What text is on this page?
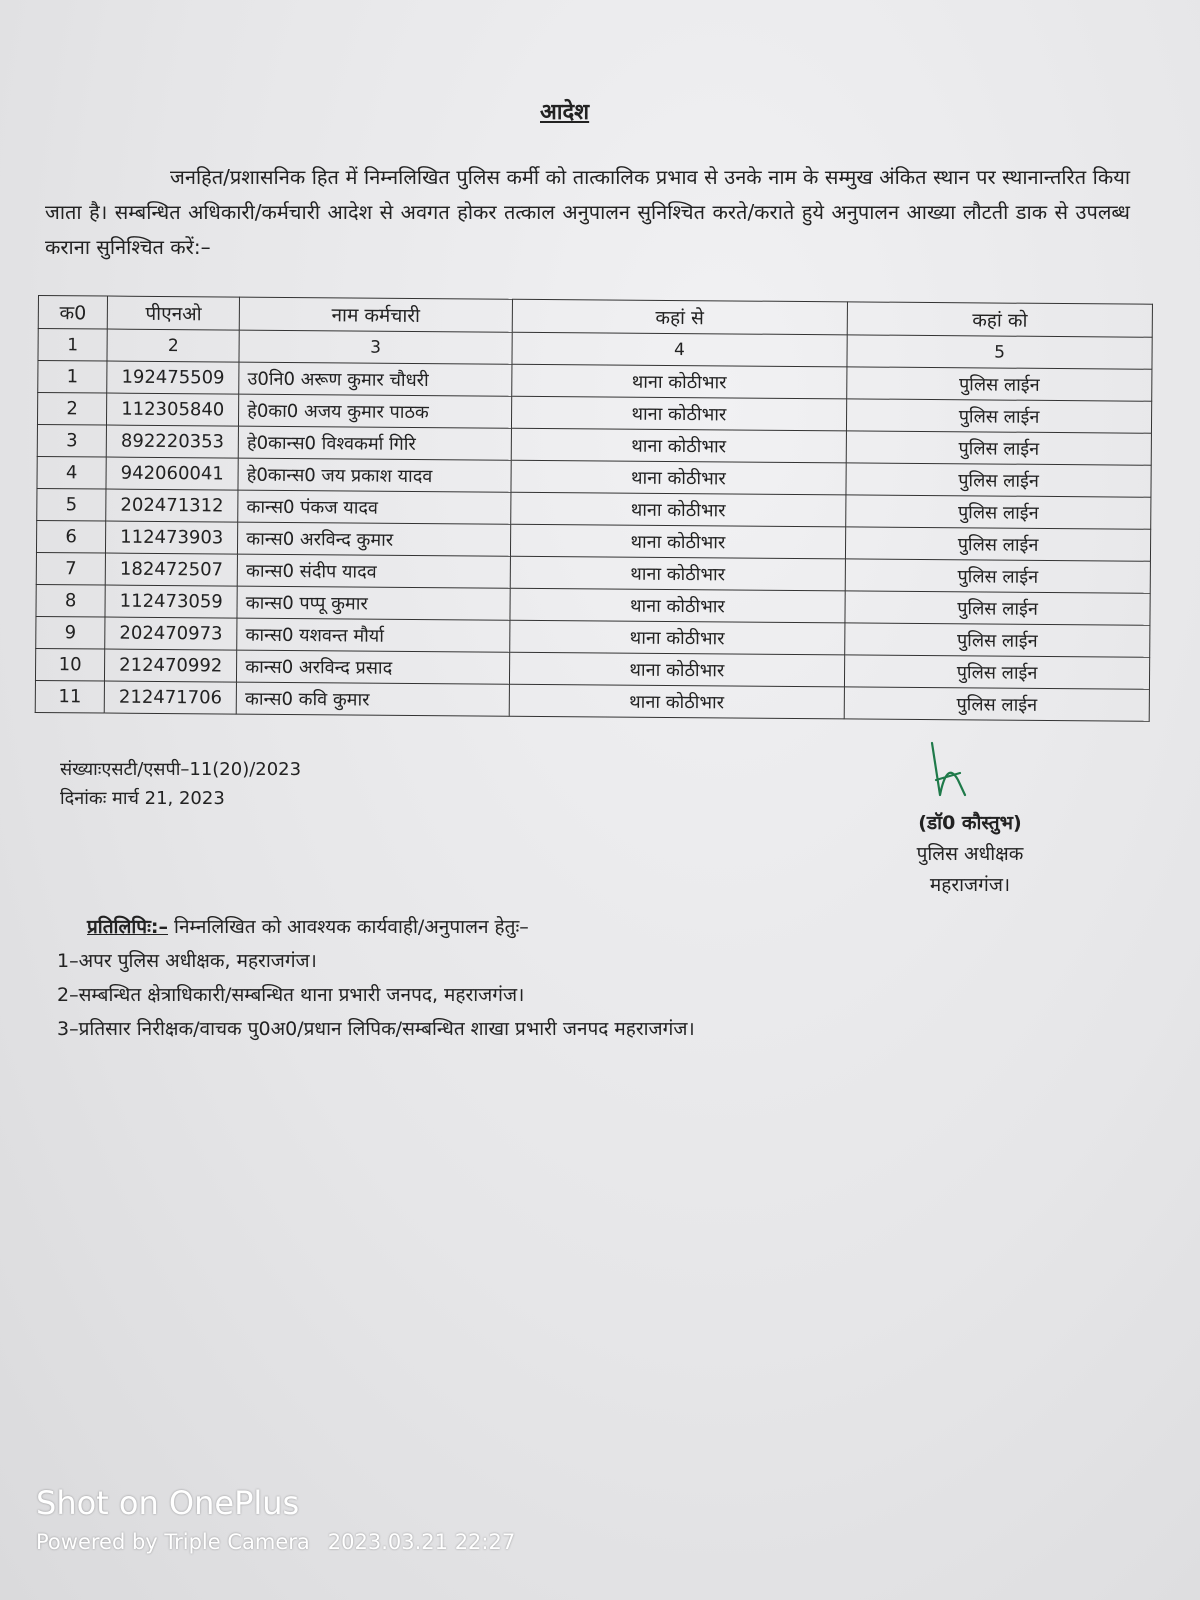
आदेश
जनहित/प्रशासनिक हित में निम्नलिखित पुलिस कर्मी को तात्कालिक प्रभाव से उनके नाम के सम्मुख अंकित स्थान पर स्थानान्तरित किया जाता है। सम्बन्धित अधिकारी/कर्मचारी आदेश से अवगत होकर तत्काल अनुपालन सुनिश्चित करते/कराते हुये अनुपालन आख्या लौटती डाक से उपलब्ध कराना सुनिश्चित करें:–
क0	पीएनओ	नाम कर्मचारी	कहां से	कहां को
1	2	3	4	5
1	192475509	उ0नि0 अरूण कुमार चौधरी	थाना कोठीभार	पुलिस लाईन
2	112305840	हे0का0 अजय कुमार पाठक	थाना कोठीभार	पुलिस लाईन
3	892220353	हे0कान्स0 विश्वकर्मा गिरि	थाना कोठीभार	पुलिस लाईन
4	942060041	हे0कान्स0 जय प्रकाश यादव	थाना कोठीभार	पुलिस लाईन
5	202471312	कान्स0 पंकज यादव	थाना कोठीभार	पुलिस लाईन
6	112473903	कान्स0 अरविन्द कुमार	थाना कोठीभार	पुलिस लाईन
7	182472507	कान्स0 संदीप यादव	थाना कोठीभार	पुलिस लाईन
8	112473059	कान्स0 पप्पू कुमार	थाना कोठीभार	पुलिस लाईन
9	202470973	कान्स0 यशवन्त मौर्या	थाना कोठीभार	पुलिस लाईन
10	212470992	कान्स0 अरविन्द प्रसाद	थाना कोठीभार	पुलिस लाईन
11	212471706	कान्स0 कवि कुमार	थाना कोठीभार	पुलिस लाईन
संख्याःएसटी/एसपी–11(20)/2023
दिनांकः मार्च 21, 2023
(डॉ0 कौस्तुभ)
पुलिस अधीक्षक
महराजगंज।
प्रतिलिपिः:– निम्नलिखित को आवश्यक कार्यवाही/अनुपालन हेतुः–
1–अपर पुलिस अधीक्षक, महराजगंज।
2–सम्बन्धित क्षेत्राधिकारी/सम्बन्धित थाना प्रभारी जनपद, महराजगंज।
3–प्रतिसार निरीक्षक/वाचक पु0अ0/प्रधान लिपिक/सम्बन्धित शाखा प्रभारी जनपद महराजगंज।
Shot on OnePlus
Powered by Triple Camera 2023.03.21 22:27
